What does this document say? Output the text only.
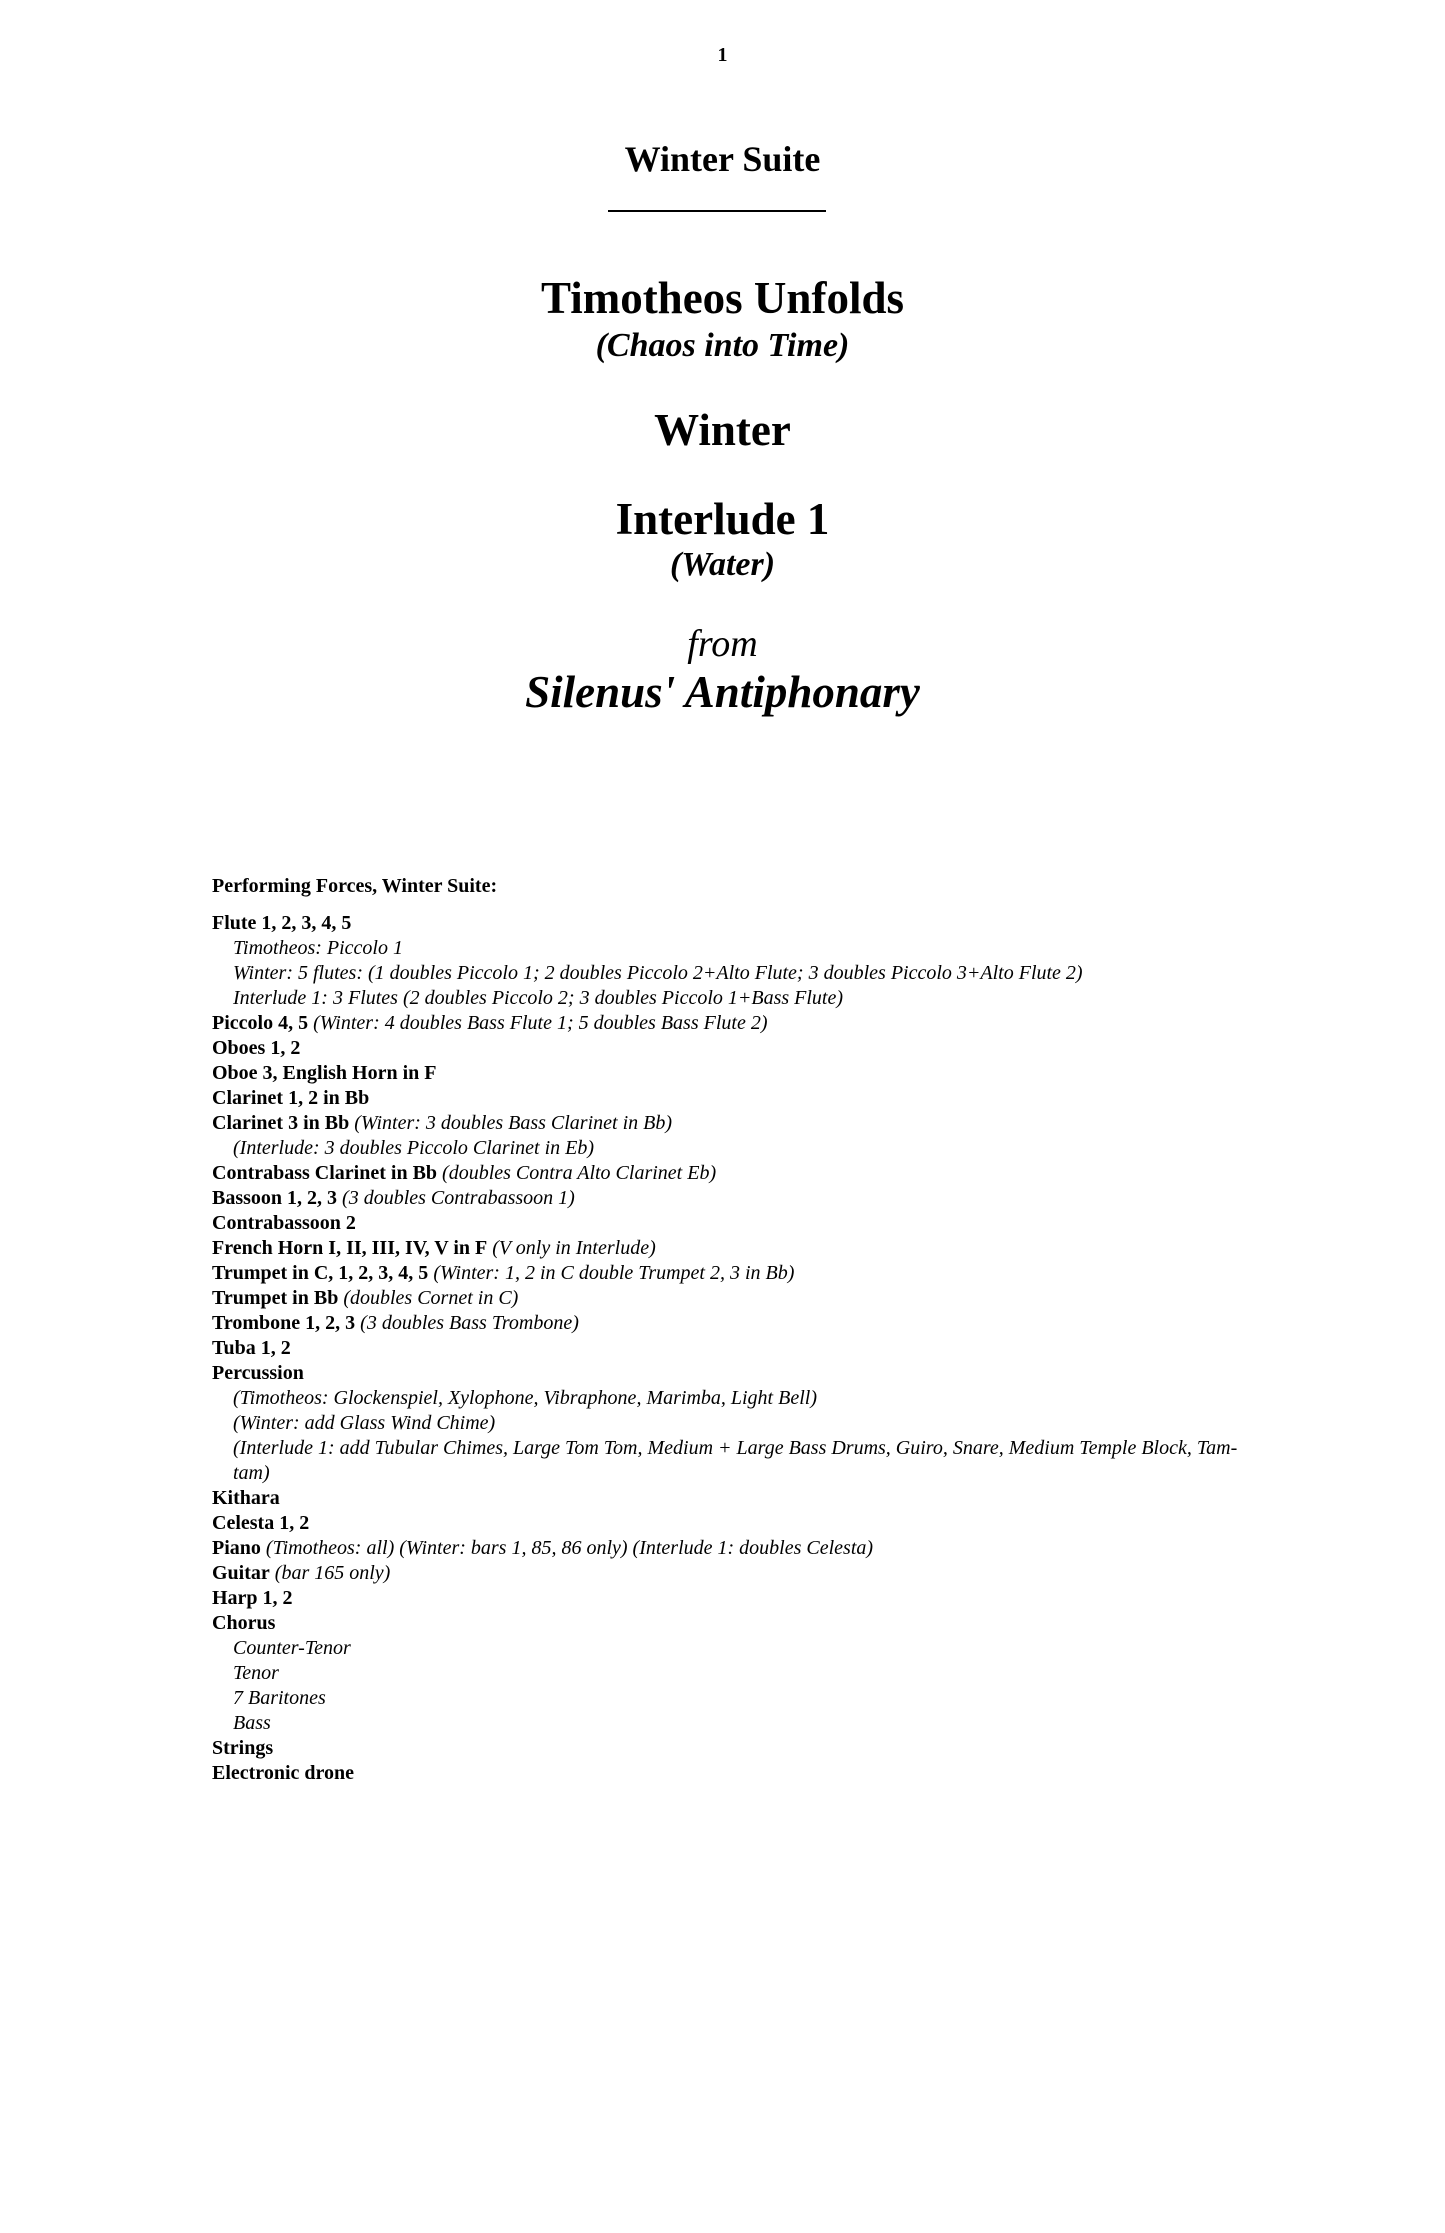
1
Winter Suite
Timotheos Unfolds
(Chaos into Time)
Winter
Interlude 1
(Water)
from
Silenus' Antiphonary
Performing Forces, Winter Suite:
Flute 1, 2, 3, 4, 5
Timotheos: Piccolo 1
Winter: 5 flutes: (1 doubles Piccolo 1; 2 doubles Piccolo 2+Alto Flute; 3 doubles Piccolo 3+Alto Flute 2)
Interlude 1: 3 Flutes (2 doubles Piccolo 2; 3 doubles Piccolo 1+Bass Flute)
Piccolo 4, 5 (Winter: 4 doubles Bass Flute 1; 5 doubles Bass Flute 2)
Oboes 1, 2
Oboe 3, English Horn in F
Clarinet 1, 2 in Bb
Clarinet 3 in Bb (Winter: 3 doubles Bass Clarinet in Bb)
(Interlude: 3 doubles Piccolo Clarinet in Eb)
Contrabass Clarinet in Bb (doubles Contra Alto Clarinet Eb)
Bassoon 1, 2, 3 (3 doubles Contrabassoon 1)
Contrabassoon 2
French Horn I, II, III, IV, V in F (V only in Interlude)
Trumpet in C, 1, 2, 3, 4, 5 (Winter: 1, 2 in C double Trumpet 2, 3 in Bb)
Trumpet in Bb (doubles Cornet in C)
Trombone 1, 2, 3 (3 doubles Bass Trombone)
Tuba 1, 2
Percussion
(Timotheos: Glockenspiel, Xylophone, Vibraphone, Marimba, Light Bell)
(Winter: add Glass Wind Chime)
(Interlude 1: add Tubular Chimes, Large Tom Tom, Medium + Large Bass Drums, Guiro, Snare, Medium Temple Block, Tam-tam)
Kithara
Celesta 1, 2
Piano (Timotheos: all) (Winter: bars 1, 85, 86 only) (Interlude 1: doubles Celesta)
Guitar (bar 165 only)
Harp 1, 2
Chorus
Counter-Tenor
Tenor
7 Baritones
Bass
Strings
Electronic drone
